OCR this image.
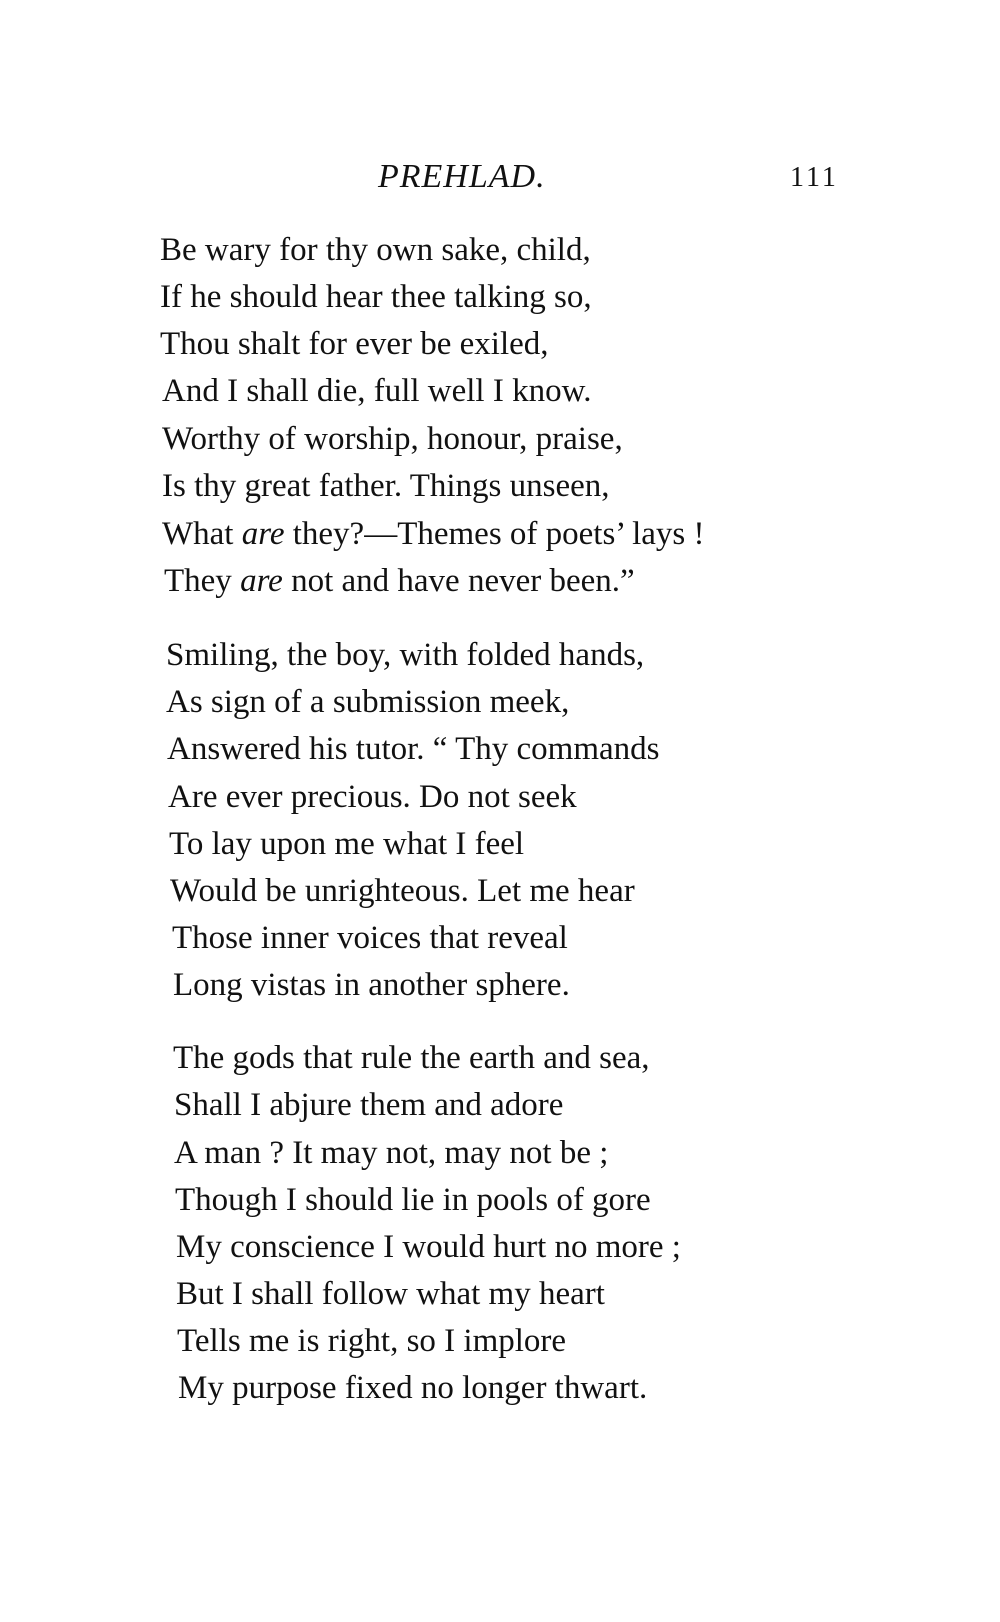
PREHLAD.	111
Be wary for thy own sake, child,
If he should hear thee talking so,
Thou shalt for ever be exiled,
And I shall die, full well I know.
Worthy of worship, honour, praise,
Is thy great father. Things unseen,
What are they?—Themes of poets’ lays !
They are not and have never been.”
Smiling, the boy, with folded hands,
As sign of a submission meek,
Answered his tutor. “ Thy commands
Are ever precious. Do not seek
To lay upon me what I feel
Would be unrighteous. Let me hear
Those inner voices that reveal
Long vistas in another sphere.
The gods that rule the earth and sea,
Shall I abjure them and adore
A man ? It may not, may not be ;
Though I should lie in pools of gore
My conscience I would hurt no more ;
But I shall follow what my heart
Tells me is right, so I implore
My purpose fixed no longer thwart.
